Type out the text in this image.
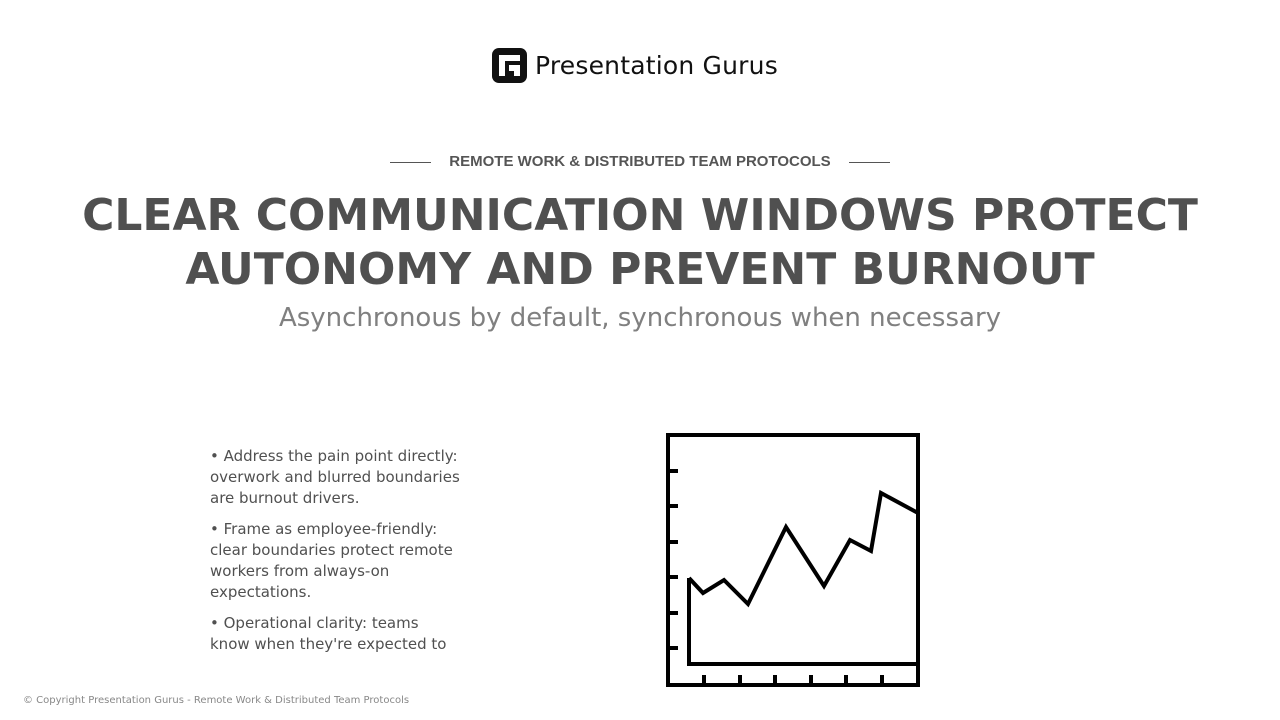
Presentation Gurus
REMOTE WORK & DISTRIBUTED TEAM PROTOCOLS
CLEAR COMMUNICATION WINDOWS PROTECT AUTONOMY AND PREVENT BURNOUT

Asynchronous by default, synchronous when necessary

• Address the pain point directly: overwork and blurred boundaries are burnout drivers.
• Frame as employee-friendly: clear boundaries protect remote workers from always-on expectations.
• Operational clarity: teams know when they're expected to
© Copyright Presentation Gurus - Remote Work & Distributed Team Protocols
